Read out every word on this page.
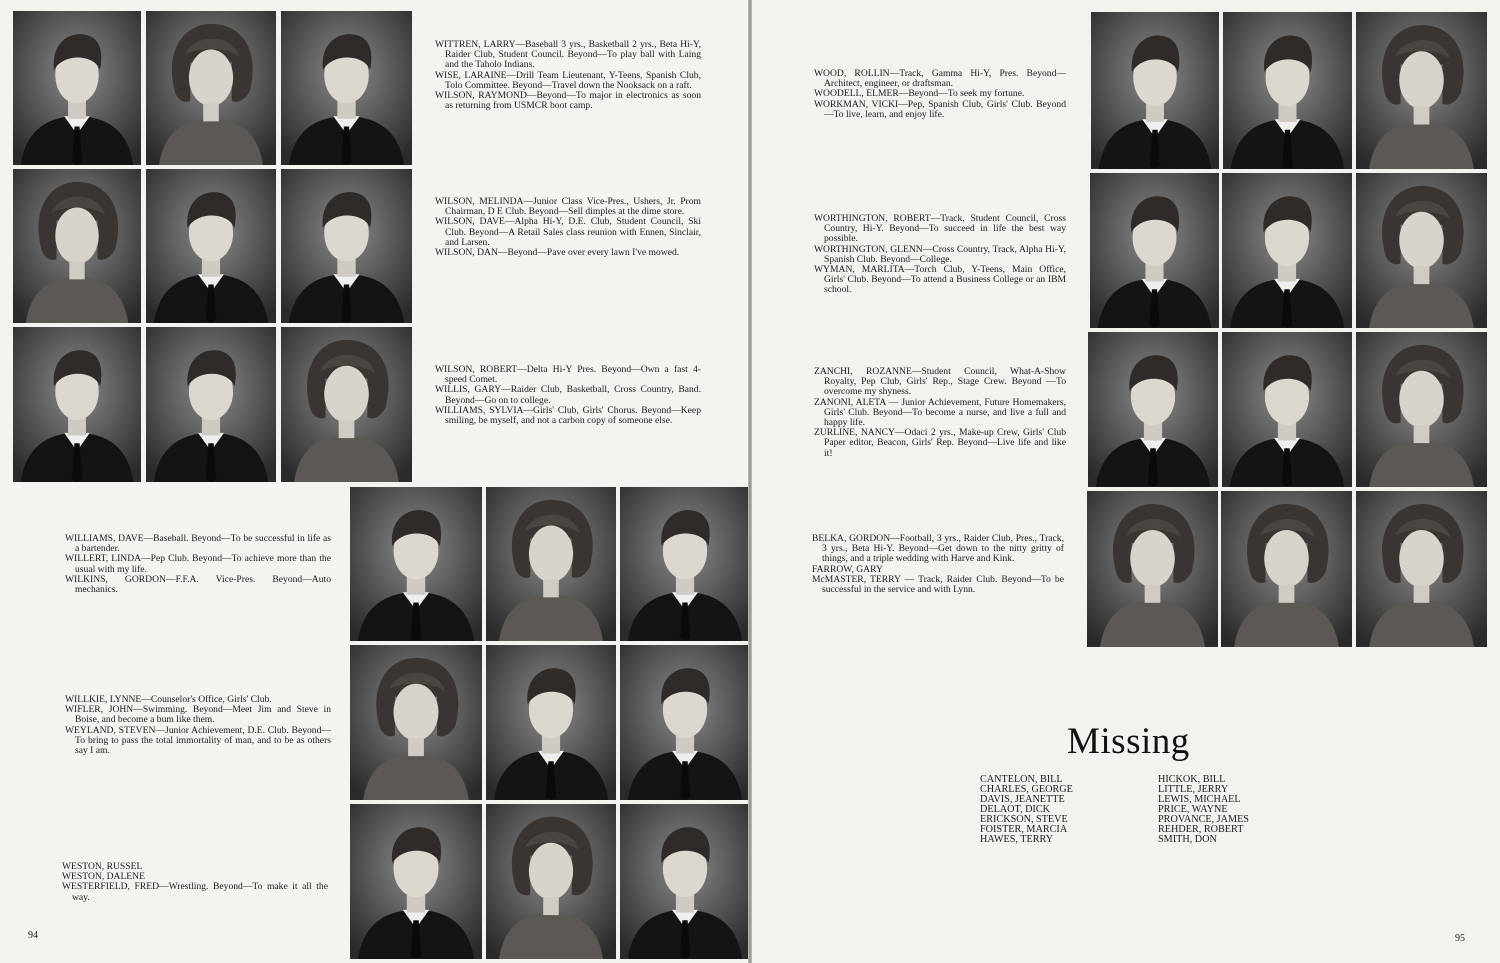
WITTREN, LARRY—Baseball 3 yrs., Basketball 2 yrs., Beta Hi-Y, Raider Club, Student Council. Beyond—To play ball with Laing and the Taholo Indians.

WISE, LARAINE—Drill Team Lieutenant, Y-Teens, Spanish Club, Tolo Committee. Beyond—Travel down the Nooksack on a raft.

WILSON, RAYMOND—Beyond—To major in electronics as soon as returning from USMCR boot camp.

WILSON, MELINDA—Junior Class Vice-Pres., Ushers, Jr. Prom Chairman, D E Club. Beyond—Sell dimples at the dime store.

WILSON, DAVE—Alpha Hi-Y, D.E. Club, Student Council, Ski Club. Beyond—A Retail Sales class reunion with Ennen, Sinclair, and Larsen.

WILSON, DAN—Beyond—Pave over every lawn I've mowed.

WILSON, ROBERT—Delta Hi-Y Pres. Beyond—Own a fast 4-speed Comet.

WILLIS, GARY—Raider Club, Basketball, Cross Country, Band. Beyond—Go on to college.

WILLIAMS, SYLVIA—Girls' Club, Girls' Chorus. Beyond—Keep smiling, be myself, and not a carbon copy of someone else.

WILLIAMS, DAVE—Baseball. Beyond—To be successful in life as a bartender.

WILLERT, LINDA—Pep Club. Beyond—To achieve more than the usual with my life.

WILKINS, GORDON—F.F.A. Vice-Pres. Beyond—Auto mechanics.

WILLKIE, LYNNE—Counselor's Office, Girls' Club.

WIFLER, JOHN—Swimming. Beyond—Meet Jim and Steve in Boise, and become a bum like them.

WEYLAND, STEVEN—Junior Achievement, D.E. Club. Beyond—To bring to pass the total immortality of man, and to be as others say I am.

WESTON, RUSSEL

WESTON, DALENE

WESTERFIELD, FRED—Wrestling. Beyond—To make it all the way.

94

WOOD, ROLLIN—Track, Gamma Hi-Y, Pres. Beyond—Architect, engineer, or draftsman.

WOODELL, ELMER—Beyond—To seek my fortune.

WORKMAN, VICKI—Pep, Spanish Club, Girls' Club. Beyond—To live, learn, and enjoy life.

WORTHINGTON, ROBERT—Track, Student Council, Cross Country, Hi-Y. Beyond—To succeed in life the best way possible.

WORTHINGTON, GLENN—Cross Country, Track, Alpha Hi-Y, Spanish Club. Beyond—College.

WYMAN, MARLITA—Torch Club, Y-Teens, Main Office, Girls' Club. Beyond—To attend a Business College or an IBM school.

ZANCHI, ROZANNE—Student Council, What-A-Show Royalty, Pep Club, Girls' Rep., Stage Crew. Beyond —To overcome my shyness.

ZANONI, ALETA — Junior Achievement, Future Homemakers, Girls' Club. Beyond—To become a nurse, and live a full and happy life.

ZURLINE, NANCY—Odaci 2 yrs., Make-up Crew, Girls' Club Paper editor, Beacon, Girls' Rep. Beyond—Live life and like it!

BELKA, GORDON—Football, 3 yrs., Raider Club, Pres., Track, 3 yrs., Beta Hi-Y. Beyond—Get down to the nitty gritty of things, and a triple wedding with Harve and Kink.

FARROW, GARY

McMASTER, TERRY — Track, Raider Club. Beyond—To be successful in the service and with Lynn.

Missing
CANTELON, BILL
CHARLES, GEORGE
DAVIS, JEANETTE
DELAOT, DICK
ERICKSON, STEVE
FOISTER, MARCIA
HAWES, TERRY
HICKOK, BILL
LITTLE, JERRY
LEWIS, MICHAEL
PRICE, WAYNE
PROVANCE, JAMES
REHDER, ROBERT
SMITH, DON
95
